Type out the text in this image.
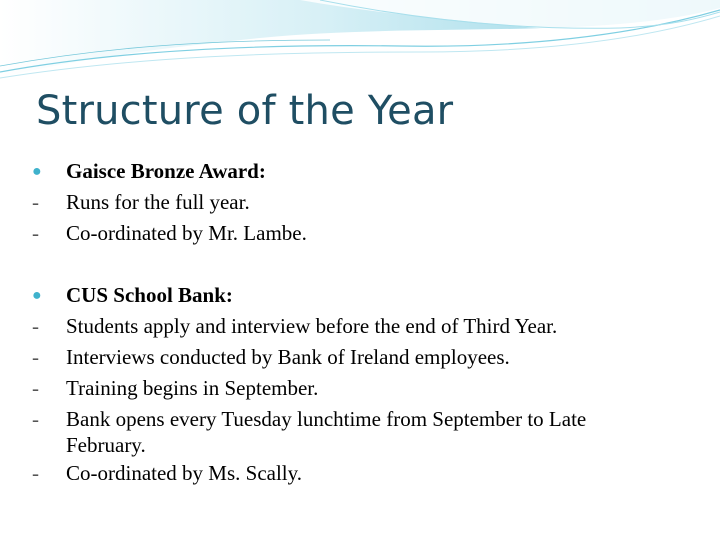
Structure of the Year
●	Gaisce Bronze Award:
-	Runs for the full year.
-	Co-ordinated by Mr. Lambe.
●	CUS School Bank:
-	Students apply and interview before the end of Third Year.
-	Interviews conducted by Bank of Ireland employees.
-	Training begins in September.
-	Bank opens every Tuesday lunchtime from September to Late February.
-	Co-ordinated by Ms. Scally.
